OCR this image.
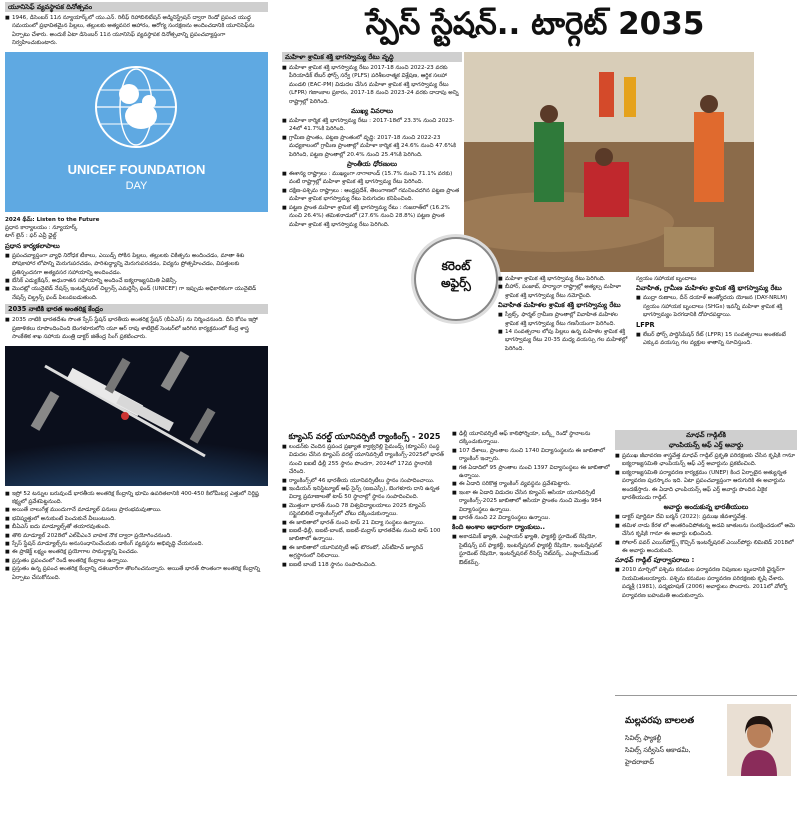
స్పేస్ స్టేషన్.. టార్గెట్ 2035
యూనిసెఫ్ వ్యవస్థాపక దినోత్సవం

■ 1946, డిసెంబర్ 11న న్యూయార్క్‌లో యు.ఎన్. రిలీఫ్ రిహాబిలిటేషన్ అడ్మినిస్ట్రేషన్ ద్వారా రెండో ప్రపంచ యుద్ధ సమయంలో ప్రభావితమైన పిల్లలు, తల్లులకు అత్యవసర ఆహారం, ఆరోగ్య సంరక్షణను అందించడానికి యూనిసెఫ్‌ను ఏర్పాటు చేశారు. అందుకే ఏటా డిసెంబర్ 11న యూనిసెఫ్ వ్యవస్థాపక దినోత్సవాన్ని ప్రపంచవ్యాప్తంగా నిర్వహించుకుంటారు.

UNICEF FOUNDATION
DAY

2024 థీమ్: Listen to the Future

ప్రధాన కార్యాలయం : న్యూయార్క్

టాగ్ లైన్ : ఫర్ ఎవ్రీ ఛైల్డ్

ప్రధాన కార్యకలాపాలు

■ ప్రపంచవ్యాప్తంగా వ్యాధి నిరోధక టీకాలు, ఎయిడ్స్ సోకిన పిల్లలు, తల్లులకు చికిత్సను అందించడం, మాతా శిశు పోషకాహార లోపాన్ని మెరుగుపరచడం, పారిశుద్ధ్యాన్ని మెరుగుపరచడం, విద్యను ప్రోత్సహించడం, విపత్తులకు ప్రతిస్పందనగా అత్యవసర సహాయాన్ని అందించడం.

■ బేసిక్ ఎడ్యుకేషన్, అధునాతన సహాయాన్ని అందించే ఐక్యరాజ్యసమితి ఏజెన్సీ.

■ మొదట్లో యునైటెడ్ నేషన్స్ ఇంటర్నేషనల్ చిల్డ్రన్స్ ఎమర్జెన్సీ ఫండ్ (UNICEF) గా ఇప్పుడు అధికారికంగా యునైటెడ్ నేషన్స్ చిల్డ్రన్స్ ఫండ్ పిలువబడుతుంది.

2035 నాటికి భారత అంతరిక్ష కేంద్రం

■ 2035 నాటికి భారతదేశం సొంత స్పేస్ స్టేషన్ భారతీయ అంతరిక్ష స్టేషన్ (బీఏఎస్) ను నిర్మించనుంది. దీని కోసం ఇస్రో ప్రణాళికలు రూపొందించింది బెంగళూరులోని యూ ఆర్ రావు శాటిలైట్ సెంటర్‌లో జరిగిన కార్యక్రమంలో కేంద్ర శాస్త్ర సాంకేతిక శాఖ సహాయ మంత్రి డాక్టర్ జితేంద్ర సింగ్ ప్రకటించారు.

■ ఇస్రో 52 టన్నుల బరువుండే భారతీయ అంతరిక్ష కేంద్రాన్ని భూమి ఉపరితలానికి 400-450 కిలోమీటర్ల ఎత్తులో నిర్దిష్ట కక్ష్యలో ప్రవేశపెట్టనుంది.

■ అయితే నాలుగేళ్ల ముందుగానే మాడ్యూల్ పనులు ప్రారంభమవుతాయి.

■ భవిష్యత్తులో అనుకుంటే పెంచుకునే వీలుంటుంది.

■ బీఏఎస్ ఐదు మాడ్యూల్స్‌తో తయారవుతుంది.

■ తొలి మాడ్యూల్ 2028లో ఎల్‌వీఎం3 వాహక నౌక ద్వారా ప్రయోగించనుంది.

■ స్పేస్ స్టేషన్ మాడ్యూల్స్‌ను అనుసంధానించేందుకు డాకింగ్ వ్యవస్థను అభివృద్ధి చేయనుంది.

■ ఈ ప్రాజెక్ట్ లక్ష్యం అంతరిక్ష ప్రయోగాల సామర్థ్యాన్ని పెంచడం.

■ ప్రస్తుతం ప్రపంచంలో రెండే అంతరిక్ష కేంద్రాలు ఉన్నాయి.

■ ప్రస్తుతం ఉన్న ప్రపంచ అంతరిక్ష కేంద్రాన్ని దశలవారీగా తొలగించనున్నారు. అయితే భారత్ సొంతంగా అంతరిక్ష కేంద్రాన్ని ఏర్పాటు చేసుకోనుంది.

మహిళా శ్రామిక శక్తి భాగస్వామ్య రేటు వృద్ధి

■ మహిళా శ్రామిక శక్తి భాగస్వామ్య రేటు 2017-18 నుంచి 2022-23 వరకు పీరియాడిక్ లేబర్ ఫోర్స్ సర్వే (PLFS) పరిశీలనాత్మక విశ్లేషణ, ఆర్థిక సలహా మండలి (EAC-PM) విడుదల చేసిన మహిళా శ్రామిక శక్తి భాగస్వామ్య రేటు (LFPR) గణాంకాల ప్రకారం, 2017-18 నుంచి 2023-24 వరకు దాదాపు అన్ని రాష్ట్రాల్లో పెరిగింది.

ముఖ్య వివరాలు

■ మహిళా కార్మిక శక్తి భాగస్వామ్య రేటు : 2017-18లో 23.3% నుంచి 2023-24లో 41.7%కి పెరిగింది.

■ గ్రామీణ ప్రాంతం, పట్టణ ప్రాంతంలో వృద్ధి: 2017-18 నుంచి 2022-23 మధ్యకాలంలో గ్రామీణ ప్రాంతాల్లో మహిళా కార్మిక శక్తి 24.6% నుంచి 47.6%కి పెరిగింది, పట్టణ ప్రాంతాల్లో 20.4% నుంచి 25.4%కి పెరిగింది.

ప్రాంతీయ ధోరణులు

■ ఈశాన్య రాష్ట్రాలు : ముఖ్యంగా నాగాలాండ్ (15.7% నుంచి 71.1% వరకు) వంటి రాష్ట్రాల్లో మహిళా శ్రామిక శక్తి భాగస్వామ్య రేటు పెరిగింది.

■ దక్షిణ-పశ్చిమ రాష్ట్రాలు : ఆంధ్రప్రదేశ్, తెలంగాణలో గమనించదగిన పట్టణ ప్రాంత మహిళా శ్రామిక భాగస్వామ్య రేటు పెరుగుదల కనిపించింది.

■ పట్టణ ప్రాంత మహిళా శ్రామిక శక్తి భాగస్వామ్య రేటు : గుజరాత్‌లో (16.2% నుంచి 26.4%) తమిళనాడులో (27.6% నుంచి 28.8%) పట్టణ ప్రాంత మహిళా శ్రామిక శక్తి భాగస్వామ్య రేటు పెరిగింది.

కరెంట్
అఫైర్స్

■	మహిళా శ్రామిక శక్తి భాగస్వామ్య రేటు పెరిగింది.

■ బీహార్, పంజాబ్, హర్యానా రాష్ట్రాల్లో అత్యల్ప మహిళా శ్రామిక శక్తి భాగస్వామ్య రేటు నమోదైంది.

వివాహిత మహిళల శ్రామిక శక్తి భాగస్వామ్య రేటు

■ స్వీట్స్, ఫార్మల్ గ్రామీణ ప్రాంతాల్లో వివాహిత మహిళల శ్రామిక శక్తి భాగస్వామ్య రేటు గణనీయంగా పెరిగింది.

■ 14 సంవత్సరాల లోపు పిల్లలు ఉన్న మహిళల శ్రామిక శక్తి భాగస్వామ్య రేటు 20-35 మధ్య వయస్సు గల మహిళల్లో పెరిగింది.

స్వయం సహాయక బృందాలు

వివాహిత, గ్రామీణ మహిళల శ్రామిక శక్తి భాగస్వామ్య రేటు

■ ముద్రా రుణాలు, దీన్ దయాళ్ అంత్యోదయ యోజన (DAY-NRLM) స్వయం సహాయక బృందాలు (SHGs) ఇవన్నీ మహిళా శ్రామిక శక్తి భాగస్వామ్యం పెరగడానికి దోహదపడ్డాయి.

LFPR

■ లేబర్ ఫోర్స్ పార్టిసిపేషన్ రేట్ (LFPR) 15 సంవత్సరాలు అంతకంటే ఎక్కువ వయస్సు గల వ్యక్తుల శాతాన్ని సూచిస్తుంది.

క్యూఎస్ వరల్డ్ యూనివర్సిటీ ర్యాంకింగ్స్ - 2025

■ లండన్‌కు చెందిన ప్రపంచ ప్రఖ్యాత క్వాక్వరెల్లి సైమండ్స్ (క్యూఎస్) సంస్థ విడుదల చేసిన క్యూఎస్ వరల్డ్ యూనివర్సిటీ ర్యాంకింగ్స్-2025లో భారత్ నుంచి ఐఐటీ ఢిల్లీ 255 స్థానం పొందగా, 2024లో 172వ స్థానానికి చేరింది.

■ ర్యాంకింగ్స్‌లో 46 భారతీయ యూనివర్సిటీలు స్థానం సంపాదించాయి.

■ ఇండియన్ ఇనిస్టిట్యూట్ ఆఫ్ సైన్స్ (ఐఐఎస్సీ), బెంగళూరు దాని ఉన్నత విద్యా ప్రమాణాలతో టాప్ 50 స్థానాల్లో స్థానం సంపాదించింది.

■ మొత్తంగా భారత్ నుంచి 78 విశ్వవిద్యాలయాలు 2025 క్యూఎస్ సస్టైనబిలిటీ ర్యాంకింగ్స్‌లో చోటు దక్కించుకున్నాయి.

■ ఈ జాబితాలో భారత్ నుంచి టాప్ 21 విద్యా సంస్థలు ఉన్నాయి.

■ ఐఐటీ-ఢిల్లీ, ఐఐటీ-బాంబే, ఐఐటీ-మద్రాస్ భారతదేశం నుంచి టాప్ 100 జాబితాలో ఉన్నాయి.

■ ఈ జాబితాలో యూనివర్సిటీ ఆఫ్ టొరంటో, ఎస్‌టీహెచ్ జ్యూరిచ్ అగ్రస్థానంలో నిలిచాయి.

■ ఐఐటీ బాంబే 118 స్థానం సంపాదించింది.

■ ఢిల్లీ యూనివర్సిటీ ఆఫ్ కాలిఫోర్నియా, బర్క్లీ రెండో స్థానాలను దక్కించుకున్నాయి.

■ 107 దేశాలు, ప్రాంతాల నుంచి 1740 విద్యాసంస్థలను ఈ జాబితాలో ర్యాంకింగ్ ఇచ్చారు.

■ గత ఏడాదిలో 95 ప్రాంతాల నుంచి 1397 విద్యాసంస్థలు ఈ జాబితాలో ఉన్నాయి.

■ ఈ ఏడాది సరికొత్త ర్యాంకింగ్ వ్యవస్థను ప్రవేశపెట్టారు.

■ ఇంకా ఈ ఏడాది విడుదల చేసిన క్యూఎస్ ఆసియా యూనివర్సిటీ ర్యాంకింగ్స్-2025 జాబితాలో ఆసియా ప్రాంతం నుంచి మొత్తం 984 విద్యాసంస్థలు ఉన్నాయి.

■ భారత్ నుంచి 22 విద్యాసంస్థలు ఉన్నాయి.

కింది అంశాల ఆధారంగా ర్యాంకులు..

■ అకాడమిక్ ఖ్యాతి, ఎంప్లాయర్ ఖ్యాతి, ఫ్యాకల్టీ స్టూడెంట్ రేషియో, సైటేషన్స్ పర్ ఫ్యాకల్టీ, ఇంటర్నేషనల్ ఫ్యాకల్టీ రేషియో, ఇంటర్నేషనల్ స్టూడెంట్ రేషియో, ఇంటర్నేషనల్ రీసెర్చ్ నెట్‌వర్క్, ఎంప్లాయ్‌మెంట్ ఔట్‌కమ్స్.

మాధవ్ గాడ్గిల్‌కి
ఛాంపియన్స్ ఆఫ్ ఎర్త్ అవార్డు

■ ప్రముఖ జీవావరణ శాస్త్రవేత్త మాధవ్ గాడ్గిల్ ప్రకృతి పరిరక్షణకు చేసిన కృషికి గానూ ఐక్యరాజ్యసమితి ఛాంపియన్స్ ఆఫ్ ఎర్త్ అవార్డును ప్రకటించింది.

■ ఐక్యరాజ్యసమితి పర్యావరణ కార్యక్రమం (UNEP) కింద ఏర్పాటైన అత్యున్నత పర్యావరణ పురస్కారం ఇది. ఏటా ప్రపంచవ్యాప్తంగా ఆరుగురికి ఈ అవార్డును అందజేస్తారు. ఈ ఏడాది ఛాంపియన్స్ ఆఫ్ ఎర్త్ అవార్డు పొందిన ఏకైక భారతీయుడు గాడ్గిల్.

అవార్డు అందుకున్న భారతీయులు

■ డాక్టర్ పూర్ణిమా దేవి బర్మన్ (2022): ప్రముఖ జీవశాస్త్రవేత్త.

■ తమిళ నాడు కేరళ లో అంతరించిపోతున్న అడవి జాతులను సంరక్షించడంలో ఆమె చేసిన కృషికి గానూ ఈ అవార్డు లభించింది.

■ సోలార్ పవర్ ఎయిర్‌పోర్ట్స్ కొచ్చిన్ ఇంటర్నేషనల్ ఎయిర్‌పోర్టు లిమిటెడ్ 2018లో ఈ అవార్డు అందుకుంది.

మాధవ్ గాడ్గిల్ పూర్వాపరాలు :

■ 2010 మార్చిలో పశ్చిమ కనుమల పర్యావరణ నిపుణుల బృందానికి ఛైర్మన్‌గా నియమితులయ్యారు. పశ్చిమ కనుమల పర్యావరణ పరిరక్షణకు కృషి చేశారు. పద్మశ్రీ (1981), పద్మభూషణ్ (2006) అవార్డులు పొందారు. 2011లో వోల్వో పర్యావరణ బహుమతి అందుకున్నారు.

మల్లవరపు బాలలత
సివిల్స్ ఫ్యాకల్టీ
సివిల్స్ సర్వీసెస్ అకాడమీ,
హైదరాబాద్
